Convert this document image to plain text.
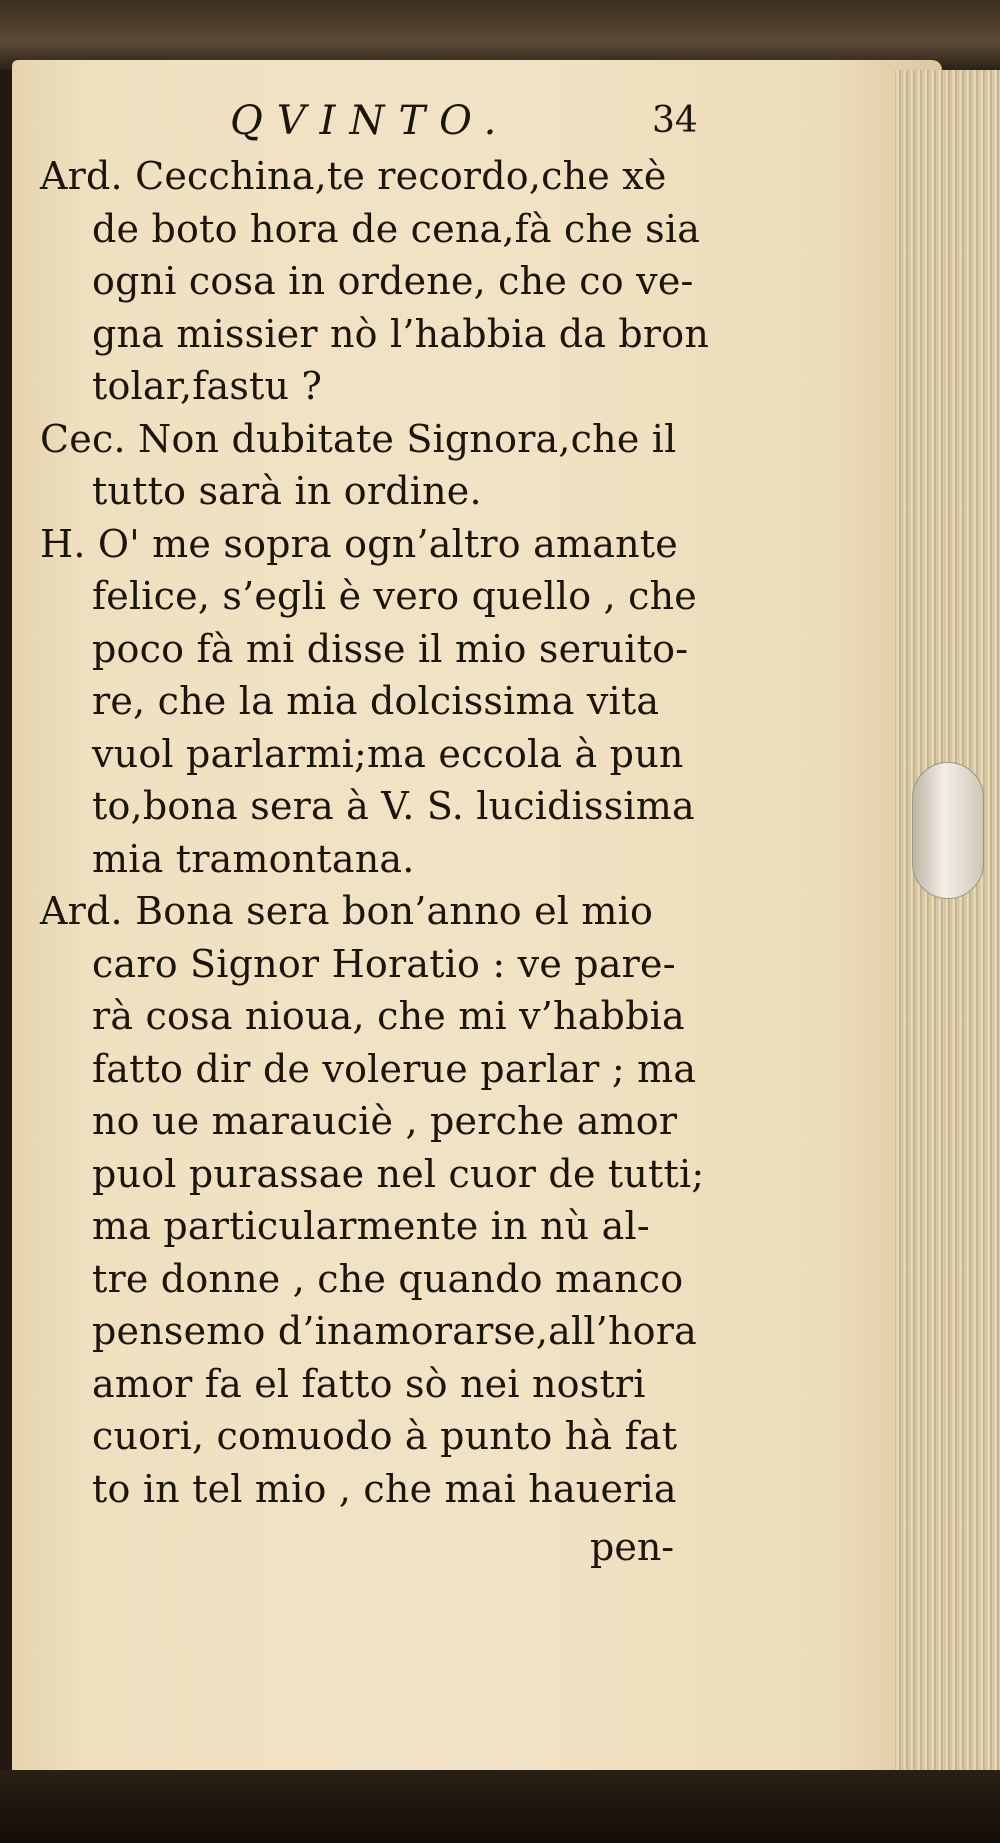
QVINTO.	34
Ard. Cecchina,te recordo,che xè
de boto hora de cena,fà che sia
ogni cosa in ordene, che co ve-
gna missier nò l’habbia da bron
tolar,fastu ?
Cec. Non dubitate Signora,che il
tutto sarà in ordine.
H. O' me sopra ogn’altro amante
felice, s’egli è vero quello , che
poco fà mi disse il mio seruito-
re, che la mia dolcissima vita
vuol parlarmi;ma eccola à pun
to,bona sera à V. S. lucidissima
mia tramontana.
Ard. Bona sera bon’anno el mio
caro Signor Horatio : ve pare-
rà cosa nioua, che mi v’habbia
fatto dir de volerue parlar ; ma
no ue marauciè , perche amor
puol purassae nel cuor de tutti;
ma particularmente in nù al-
tre donne , che quando manco
pensemo d’inamorarse,all’hora
amor fa el fatto sò nei nostri
cuori, comuodo à punto hà fat
to in tel mio , che mai haueria
pen-
